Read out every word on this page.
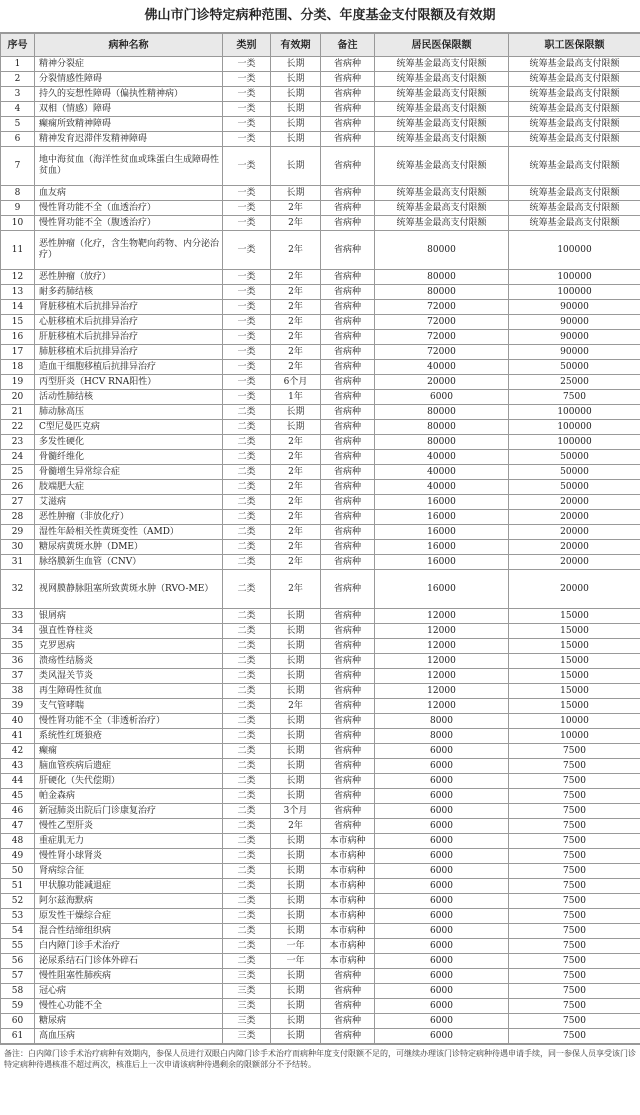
佛山市门诊特定病种范围、分类、年度基金支付限额及有效期
序号	病种名称	类别	有效期	备注	居民医保限额	职工医保限额
1	精神分裂症	一类	长期	省病种	统筹基金最高支付限额	统筹基金最高支付限额
2	分裂情感性障碍	一类	长期	省病种	统筹基金最高支付限额	统筹基金最高支付限额
3	持久的妄想性障碍（偏执性精神病）	一类	长期	省病种	统筹基金最高支付限额	统筹基金最高支付限额
4	双相（情感）障碍	一类	长期	省病种	统筹基金最高支付限额	统筹基金最高支付限额
5	癫痫所致精神障碍	一类	长期	省病种	统筹基金最高支付限额	统筹基金最高支付限额
6	精神发育迟滞伴发精神障碍	一类	长期	省病种	统筹基金最高支付限额	统筹基金最高支付限额
7	地中海贫血（海洋性贫血或珠蛋白生成障碍性贫血）	一类	长期	省病种	统筹基金最高支付限额	统筹基金最高支付限额
8	血友病	一类	长期	省病种	统筹基金最高支付限额	统筹基金最高支付限额
9	慢性肾功能不全（血透治疗）	一类	2年	省病种	统筹基金最高支付限额	统筹基金最高支付限额
10	慢性肾功能不全（腹透治疗）	一类	2年	省病种	统筹基金最高支付限额	统筹基金最高支付限额
11	恶性肿瘤（化疗，含生物靶向药物、内分泌治疗）	一类	2年	省病种	80000	100000
12	恶性肿瘤（放疗）	一类	2年	省病种	80000	100000
13	耐多药肺结核	一类	2年	省病种	80000	100000
14	肾脏移植术后抗排异治疗	一类	2年	省病种	72000	90000
15	心脏移植术后抗排异治疗	一类	2年	省病种	72000	90000
16	肝脏移植术后抗排异治疗	一类	2年	省病种	72000	90000
17	肺脏移植术后抗排异治疗	一类	2年	省病种	72000	90000
18	造血干细胞移植后抗排异治疗	一类	2年	省病种	40000	50000
19	丙型肝炎（HCV RNA阳性）	一类	6个月	省病种	20000	25000
20	活动性肺结核	一类	1年	省病种	6000	7500
21	肺动脉高压	二类	长期	省病种	80000	100000
22	C型尼曼匹克病	二类	长期	省病种	80000	100000
23	多发性硬化	二类	2年	省病种	80000	100000
24	骨髓纤维化	二类	2年	省病种	40000	50000
25	骨髓增生异常综合症	二类	2年	省病种	40000	50000
26	肢端肥大症	二类	2年	省病种	40000	50000
27	艾滋病	二类	2年	省病种	16000	20000
28	恶性肿瘤（非放化疗）	二类	2年	省病种	16000	20000
29	湿性年龄相关性黄斑变性（AMD）	二类	2年	省病种	16000	20000
30	糖尿病黄斑水肿（DME）	二类	2年	省病种	16000	20000
31	脉络膜新生血管（CNV）	二类	2年	省病种	16000	20000
32	视网膜静脉阻塞所致黄斑水肿（RVO-ME）	二类	2年	省病种	16000	20000
33	银屑病	二类	长期	省病种	12000	15000
34	强直性脊柱炎	二类	长期	省病种	12000	15000
35	克罗恩病	二类	长期	省病种	12000	15000
36	溃疡性结肠炎	二类	长期	省病种	12000	15000
37	类风湿关节炎	二类	长期	省病种	12000	15000
38	再生障碍性贫血	二类	长期	省病种	12000	15000
39	支气管哮喘	二类	2年	省病种	12000	15000
40	慢性肾功能不全（非透析治疗）	二类	长期	省病种	8000	10000
41	系统性红斑狼疮	二类	长期	省病种	8000	10000
42	癫痫	二类	长期	省病种	6000	7500
43	脑血管疾病后遗症	二类	长期	省病种	6000	7500
44	肝硬化（失代偿期）	二类	长期	省病种	6000	7500
45	帕金森病	二类	长期	省病种	6000	7500
46	新冠肺炎出院后门诊康复治疗	二类	3个月	省病种	6000	7500
47	慢性乙型肝炎	二类	2年	省病种	6000	7500
48	重症肌无力	二类	长期	本市病种	6000	7500
49	慢性肾小球肾炎	二类	长期	本市病种	6000	7500
50	肾病综合征	二类	长期	本市病种	6000	7500
51	甲状腺功能减退症	二类	长期	本市病种	6000	7500
52	阿尔兹海默病	二类	长期	本市病种	6000	7500
53	原发性干燥综合症	二类	长期	本市病种	6000	7500
54	混合性结缔组织病	二类	长期	本市病种	6000	7500
55	白内障门诊手术治疗	二类	一年	本市病种	6000	7500
56	泌尿系结石门诊体外碎石	二类	一年	本市病种	6000	7500
57	慢性阻塞性肺疾病	三类	长期	省病种	6000	7500
58	冠心病	三类	长期	省病种	6000	7500
59	慢性心功能不全	三类	长期	省病种	6000	7500
60	糖尿病	三类	长期	省病种	6000	7500
61	高血压病	三类	长期	省病种	6000	7500
备注：白内障门诊手术治疗病种有效期内，参保人员进行双眼白内障门诊手术治疗而病种年度支付限额不足的，可继续办理该门诊特定病种待遇申请手续，同一参保人员享受该门诊特定病种待遇核准不超过两次，核准后上一次申请该病种待遇剩余的限额部分不予结转。
